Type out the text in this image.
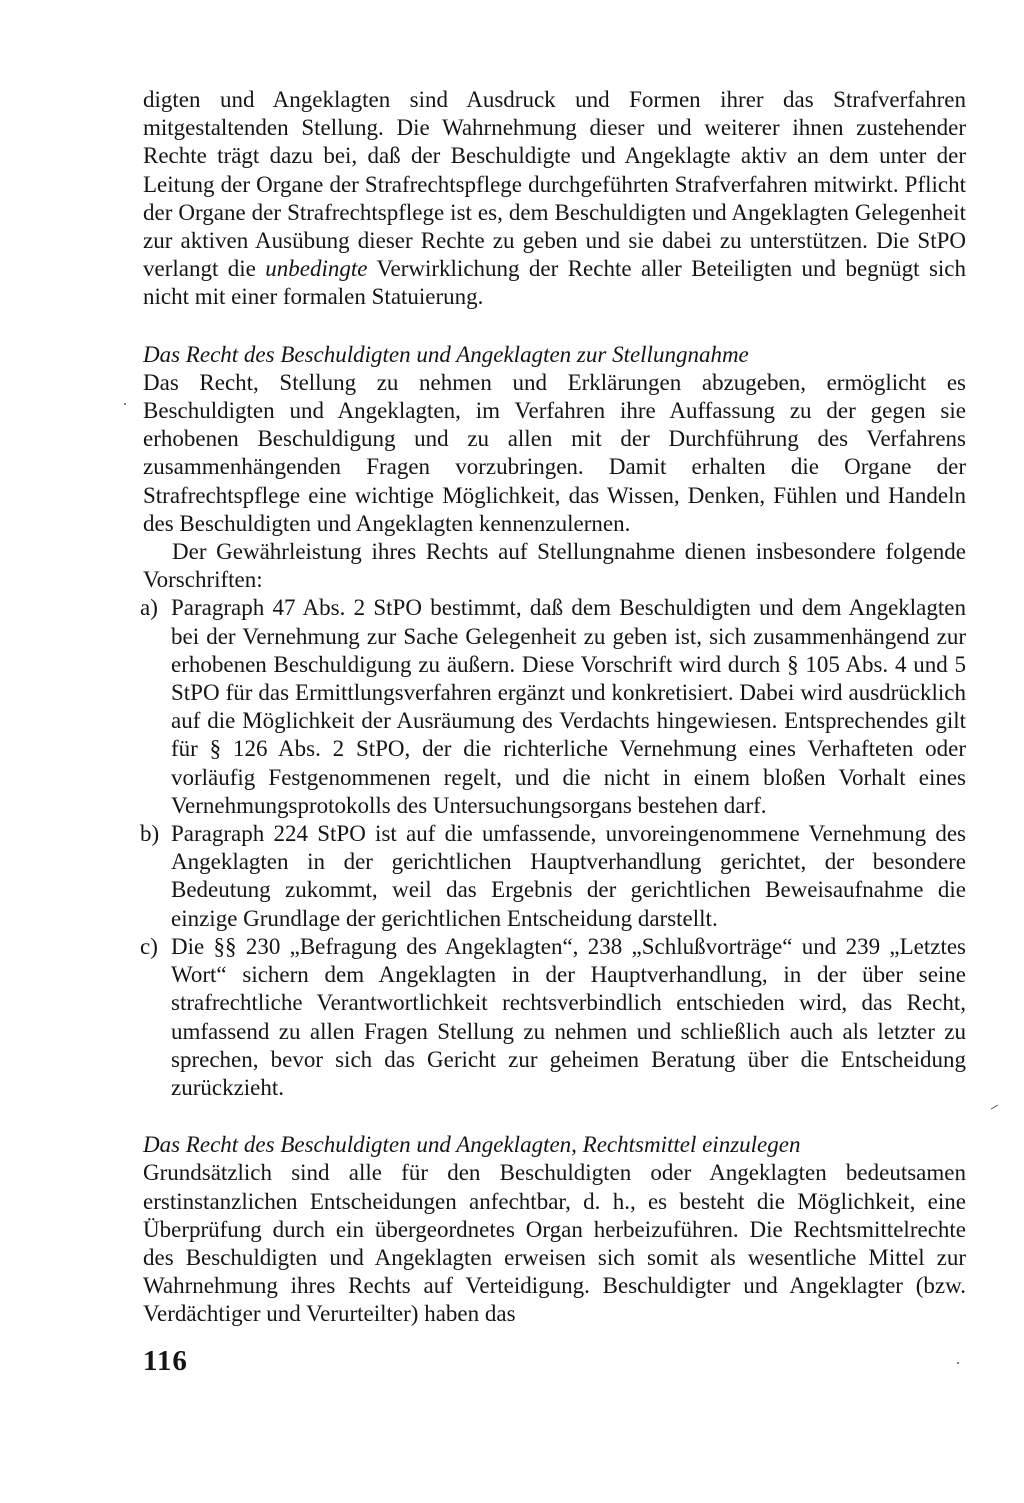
digten und Angeklagten sind Ausdruck und Formen ihrer das Strafverfahren mitgestaltenden Stellung. Die Wahrnehmung dieser und weiterer ihnen zustehender Rechte trägt dazu bei, daß der Beschuldigte und Angeklagte aktiv an dem unter der Leitung der Organe der Strafrechtspflege durchgeführten Strafverfahren mitwirkt. Pflicht der Organe der Strafrechtspflege ist es, dem Beschuldigten und Angeklagten Gelegenheit zur aktiven Ausübung dieser Rechte zu geben und sie dabei zu unterstützen. Die StPO verlangt die unbedingte Verwirklichung der Rechte aller Beteiligten und begnügt sich nicht mit einer formalen Statuierung.

Das Recht des Beschuldigten und Angeklagten zur Stellungnahme

Das Recht, Stellung zu nehmen und Erklärungen abzugeben, ermöglicht es Beschuldigten und Angeklagten, im Verfahren ihre Auffassung zu der gegen sie erhobenen Beschuldigung und zu allen mit der Durchführung des Verfahrens zusammenhängenden Fragen vorzubringen. Damit erhalten die Organe der Strafrechtspflege eine wichtige Möglichkeit, das Wissen, Denken, Fühlen und Handeln des Beschuldigten und Angeklagten kennenzulernen.

Der Gewährleistung ihres Rechts auf Stellungnahme dienen insbesondere folgende Vorschriften:

a) Paragraph 47 Abs. 2 StPO bestimmt, daß dem Beschuldigten und dem Angeklagten bei der Vernehmung zur Sache Gelegenheit zu geben ist, sich zusammenhängend zur erhobenen Beschuldigung zu äußern. Diese Vorschrift wird durch § 105 Abs. 4 und 5 StPO für das Ermittlungsverfahren ergänzt und konkretisiert. Dabei wird ausdrücklich auf die Möglichkeit der Ausräumung des Verdachts hingewiesen. Entsprechendes gilt für § 126 Abs. 2 StPO, der die richterliche Vernehmung eines Verhafteten oder vorläufig Festgenommenen regelt, und die nicht in einem bloßen Vorhalt eines Vernehmungsprotokolls des Untersuchungsorgans bestehen darf.

b) Paragraph 224 StPO ist auf die umfassende, unvoreingenommene Vernehmung des Angeklagten in der gerichtlichen Hauptverhandlung gerichtet, der besondere Bedeutung zukommt, weil das Ergebnis der gerichtlichen Beweisaufnahme die einzige Grundlage der gerichtlichen Entscheidung darstellt.

c) Die §§ 230 „Befragung des Angeklagten“, 238 „Schlußvorträge“ und 239 „Letztes Wort“ sichern dem Angeklagten in der Hauptverhandlung, in der über seine strafrechtliche Verantwortlichkeit rechtsverbindlich entschieden wird, das Recht, umfassend zu allen Fragen Stellung zu nehmen und schließlich auch als letzter zu sprechen, bevor sich das Gericht zur geheimen Beratung über die Entscheidung zurückzieht.

Das Recht des Beschuldigten und Angeklagten, Rechtsmittel einzulegen

Grundsätzlich sind alle für den Beschuldigten oder Angeklagten bedeutsamen erstinstanzlichen Entscheidungen anfechtbar, d. h., es besteht die Möglichkeit, eine Überprüfung durch ein übergeordnetes Organ herbeizuführen. Die Rechtsmittelrechte des Beschuldigten und Angeklagten erweisen sich somit als wesentliche Mittel zur Wahrnehmung ihres Rechts auf Verteidigung. Beschuldigter und Angeklagter (bzw. Verdächtiger und Verurteilter) haben das

116
